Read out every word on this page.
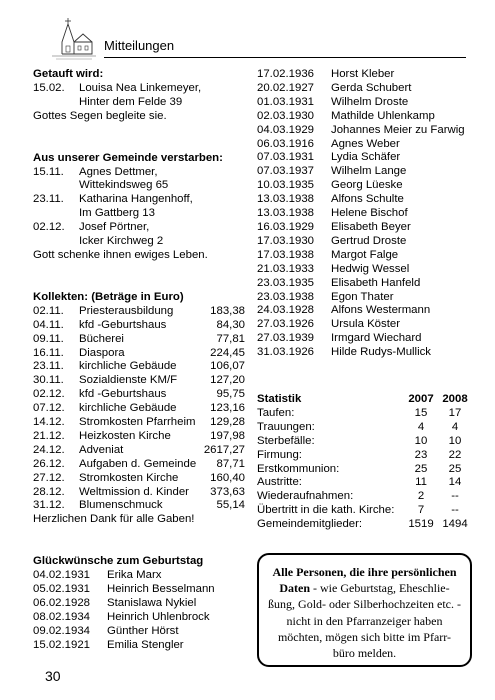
Mitteilungen
Getauft wird:
15.02.	Louisa Nea Linkemeyer,
Hinter dem Felde 39
Gottes Segen begleite sie.
Aus unserer Gemeinde verstarben:
15.11.	Agnes Dettmer,
Wittekindsweg 65
23.11.	Katharina Hangenhoff,
Im Gattberg 13
02.12.	Josef Pörtner,
Icker Kirchweg 2
Gott schenke ihnen ewiges Leben.
Kollekten: (Beträge in Euro)
02.11.	Priesterausbildung	183,38
04.11.	kfd -Geburtshaus	84,30
09.11.	Bücherei	77,81
16.11.	Diaspora	224,45
23.11.	kirchliche Gebäude	106,07
30.11.	Sozialdienste KM/F	127,20
02.12.	kfd -Geburtshaus	95,75
07.12.	kirchliche Gebäude	123,16
14.12.	Stromkosten Pfarrheim 129,28
21.12.	Heizkosten Kirche	197,98
24.12.	Adveniat	2617,27
26.12.	Aufgaben d. Gemeinde 87,71
27.12.	Stromkosten Kirche	160,40
28.12.	Weltmission d. Kinder 373,63
31.12.	Blumenschmuck	55,14
Herzlichen Dank für alle Gaben!
Glückwünsche zum Geburtstag
04.02.1931	Erika Marx
05.02.1931	Heinrich Besselmann
06.02.1928	Stanislawa Nykiel
08.02.1934	Heinrich Uhlenbrock
09.02.1934	Günther Hörst
15.02.1921	Emilia Stengler
17.02.1936	Horst Kleber
20.02.1927	Gerda Schubert
01.03.1931	Wilhelm Droste
02.03.1930	Mathilde Uhlenkamp
04.03.1929	Johannes Meier zu Farwig
06.03.1916	Agnes Weber
07.03.1931	Lydia Schäfer
07.03.1937	Wilhelm Lange
10.03.1935	Georg Lüeske
13.03.1938	Alfons Schulte
13.03.1938	Helene Bischof
16.03.1929	Elisabeth Beyer
17.03.1930	Gertrud Droste
17.03.1938	Margot Falge
21.03.1933	Hedwig Wessel
23.03.1935	Elisabeth Hanfeld
23.03.1938	Egon Thater
24.03.1928	Alfons Westermann
27.03.1926	Ursula Köster
27.03.1939	Irmgard Wiechard
31.03.1926	Hilde Rudys-Mullick
Statistik	2007 2008
Taufen:	15	17
Trauungen:	4	4
Sterbefälle:	10	10
Firmung:	23	22
Erstkommunion:	25	25
Austritte:	11	14
Wiederaufnahmen:	2	--
Übertritt in die kath. Kirche:	7	--
Gemeindemitglieder:	1519 1494
Alle Personen, die ihre persönlichen Daten - wie Geburtstag, Eheschlie-ßung, Gold- oder Silberhochzeiten etc. - nicht in den Pfarranzeiger haben möchten, mögen sich bitte im Pfarr-büro melden.
30
